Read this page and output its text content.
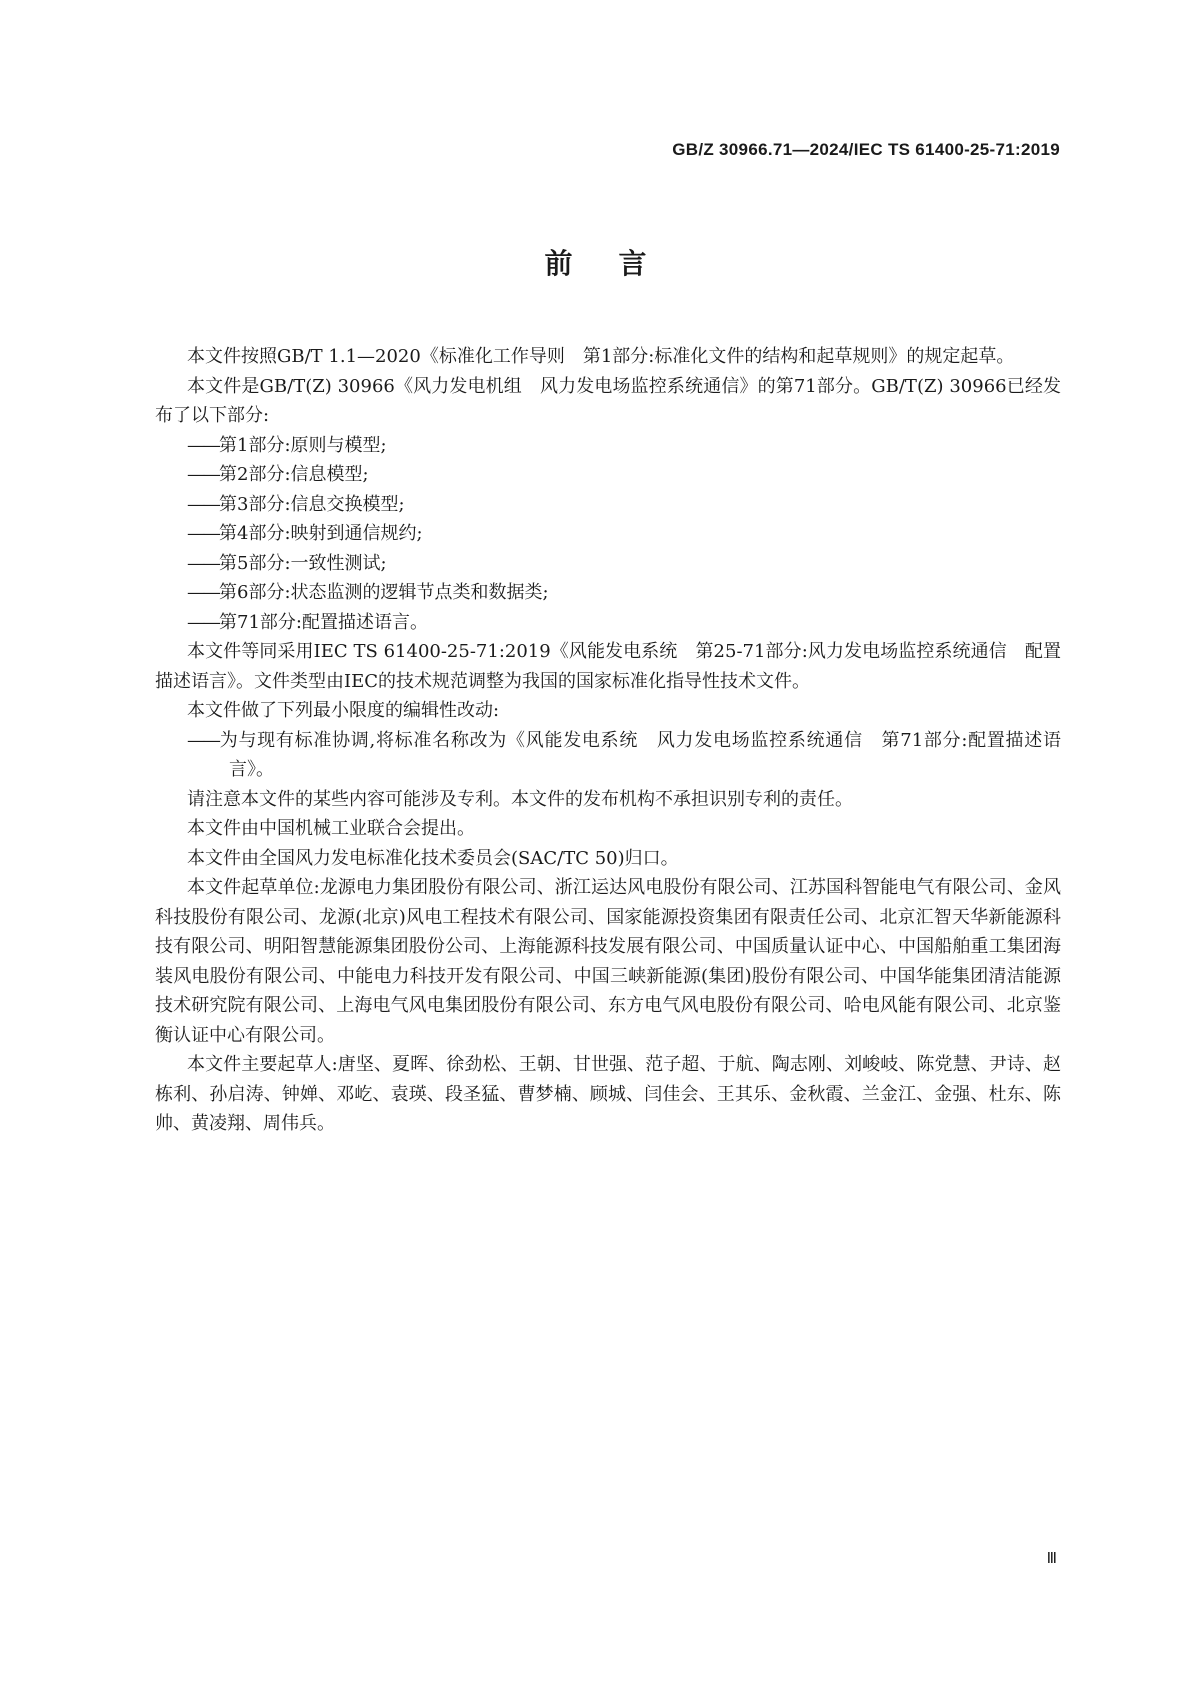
GB/Z 30966.71—2024/IEC TS 61400-25-71:2019
前言

本文件按照GB/T 1.1—2020《标准化工作导则　第1部分:标准化文件的结构和起草规则》的规定起草。

本文件是GB/T(Z) 30966《风力发电机组　风力发电场监控系统通信》的第71部分。GB/T(Z) 30966已经发布了以下部分:

——第1部分:原则与模型;

——第2部分:信息模型;

——第3部分:信息交换模型;

——第4部分:映射到通信规约;

——第5部分:一致性测试;

——第6部分:状态监测的逻辑节点类和数据类;

——第71部分:配置描述语言。

本文件等同采用IEC TS 61400-25-71:2019《风能发电系统　第25-71部分:风力发电场监控系统通信　配置描述语言》。文件类型由IEC的技术规范调整为我国的国家标准化指导性技术文件。

本文件做了下列最小限度的编辑性改动:

——为与现有标准协调,将标准名称改为《风能发电系统　风力发电场监控系统通信　第71部分:配置描述语言》。

请注意本文件的某些内容可能涉及专利。本文件的发布机构不承担识别专利的责任。

本文件由中国机械工业联合会提出。

本文件由全国风力发电标准化技术委员会(SAC/TC 50)归口。

本文件起草单位:龙源电力集团股份有限公司、浙江运达风电股份有限公司、江苏国科智能电气有限公司、金风科技股份有限公司、龙源(北京)风电工程技术有限公司、国家能源投资集团有限责任公司、北京汇智天华新能源科技有限公司、明阳智慧能源集团股份公司、上海能源科技发展有限公司、中国质量认证中心、中国船舶重工集团海装风电股份有限公司、中能电力科技开发有限公司、中国三峡新能源(集团)股份有限公司、中国华能集团清洁能源技术研究院有限公司、上海电气风电集团股份有限公司、东方电气风电股份有限公司、哈电风能有限公司、北京鉴衡认证中心有限公司。

本文件主要起草人:唐坚、夏晖、徐劲松、王朝、甘世强、范子超、于航、陶志刚、刘峻岐、陈党慧、尹诗、赵栋利、孙启涛、钟婵、邓屹、袁瑛、段圣猛、曹梦楠、顾城、闫佳会、王其乐、金秋霞、兰金江、金强、杜东、陈帅、黄凌翔、周伟兵。

Ⅲ
